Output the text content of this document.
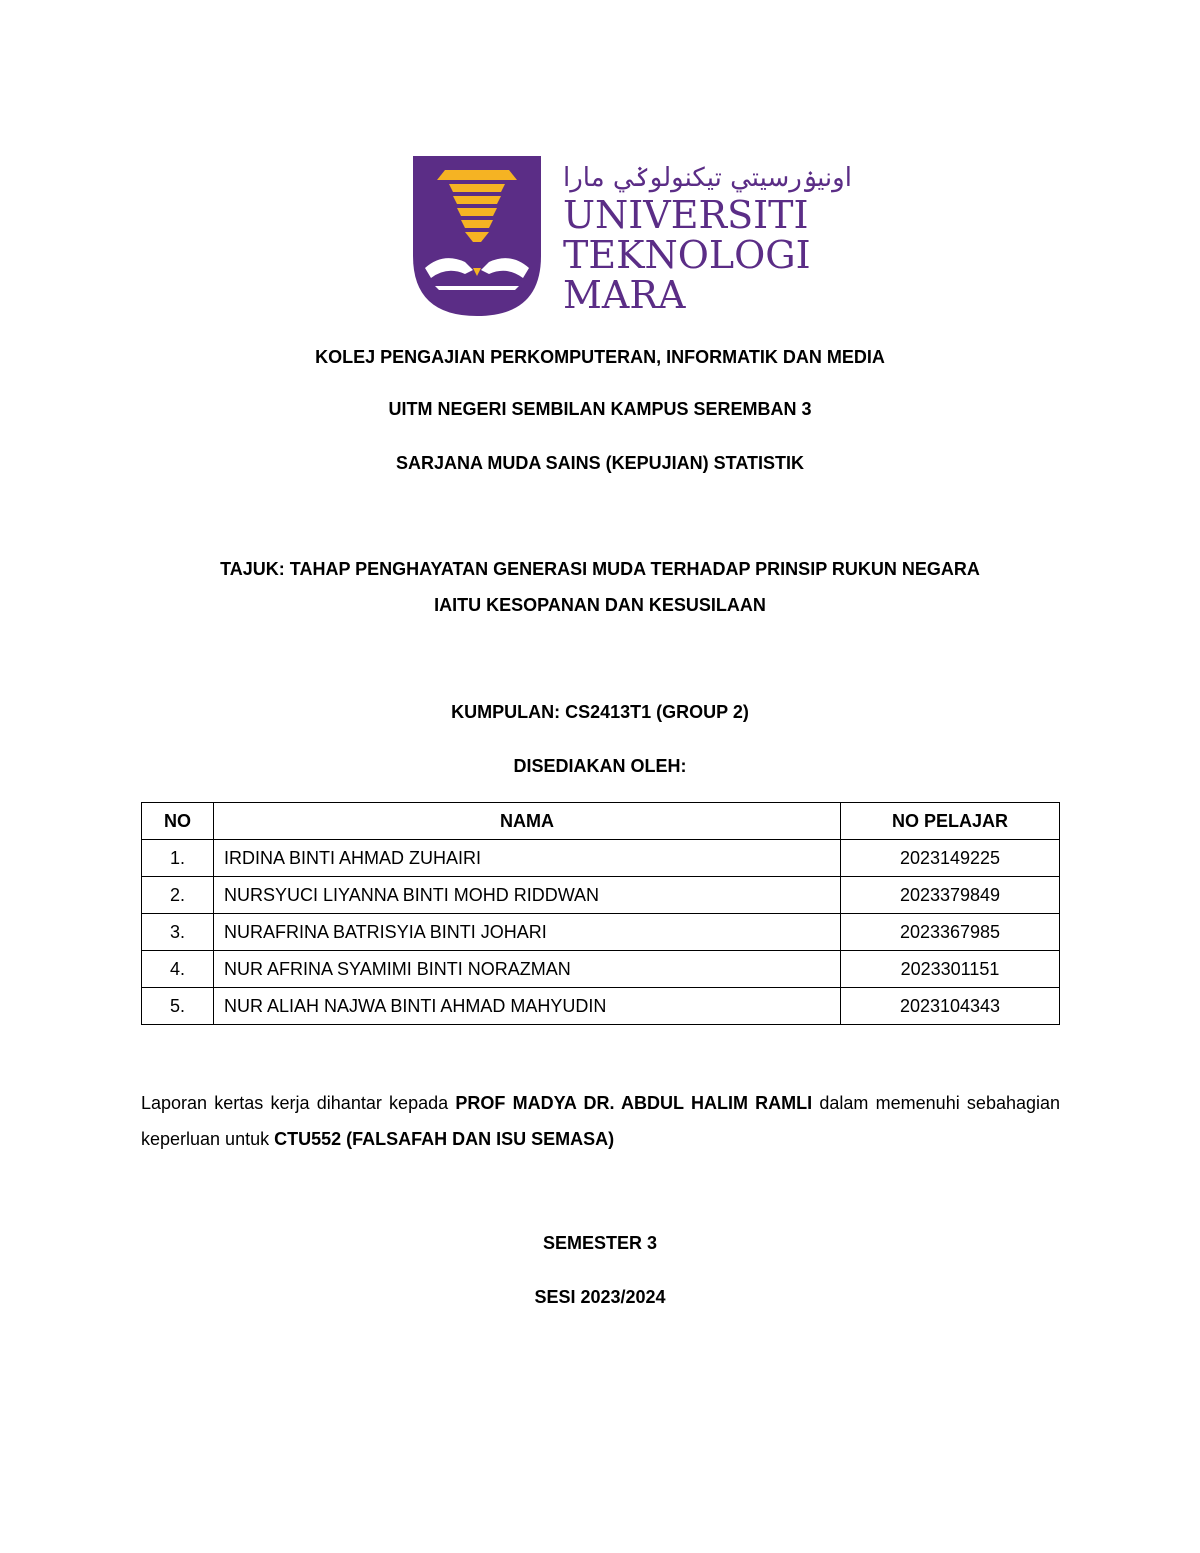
اونيۏرسيتي تيکنولوݢي مارا
UNIVERSITI
TEKNOLOGI
MARA
KOLEJ PENGAJIAN PERKOMPUTERAN, INFORMATIK DAN MEDIA
UITM NEGERI SEMBILAN KAMPUS SEREMBAN 3
SARJANA MUDA SAINS (KEPUJIAN) STATISTIK
TAJUK: TAHAP PENGHAYATAN GENERASI MUDA TERHADAP PRINSIP RUKUN NEGARA
IAITU KESOPANAN DAN KESUSILAAN
KUMPULAN: CS2413T1 (GROUP 2)
DISEDIAKAN OLEH:
NO	NAMA	NO PELAJAR
1.	IRDINA BINTI AHMAD ZUHAIRI	2023149225
2.	NURSYUCI LIYANNA BINTI MOHD RIDDWAN	2023379849
3.	NURAFRINA BATRISYIA BINTI JOHARI	2023367985
4.	NUR AFRINA SYAMIMI BINTI NORAZMAN	2023301151
5.	NUR ALIAH NAJWA BINTI AHMAD MAHYUDIN	2023104343

Laporan kertas kerja dihantar kepada PROF MADYA DR. ABDUL HALIM RAMLI dalam memenuhi sebahagian keperluan untuk CTU552 (FALSAFAH DAN ISU SEMASA)

SEMESTER 3
SESI 2023/2024
